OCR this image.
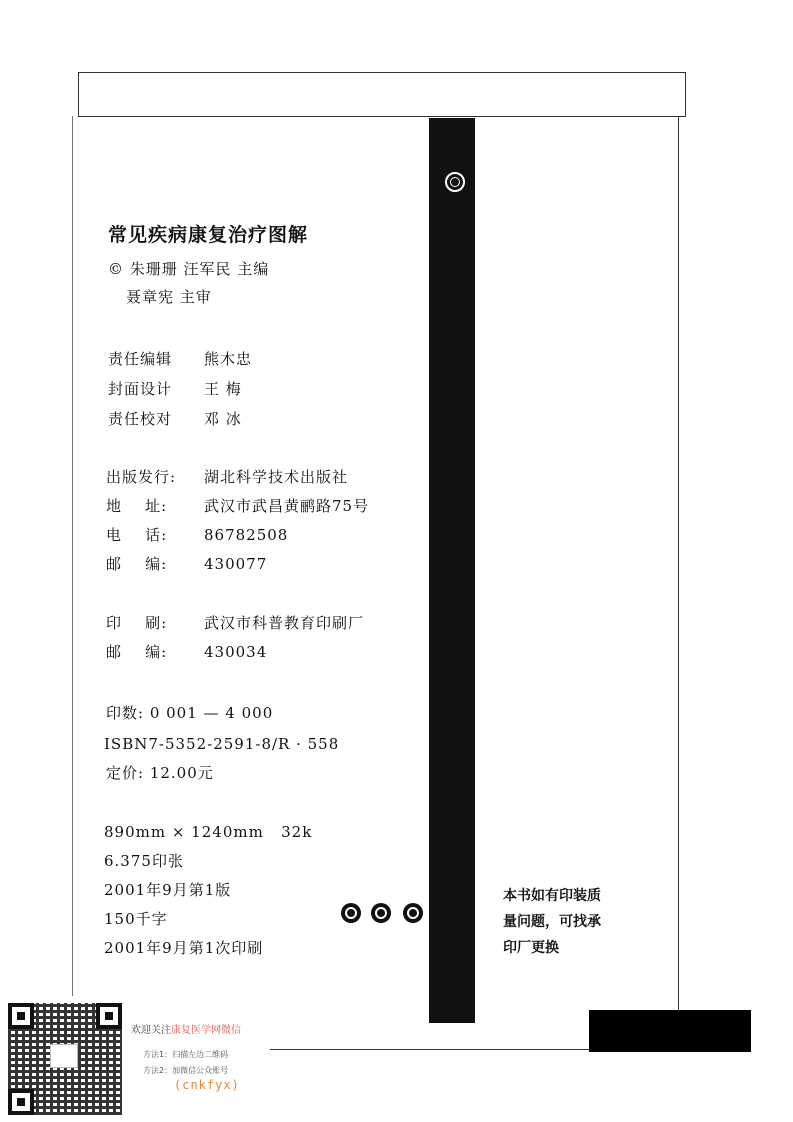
常见疾病康复治疗图解
© 朱珊珊 汪军民 主编
聂章宪 主审
责任编辑 熊木忠
封面设计 王 梅
责任校对 邓 冰
出版发行: 湖北科学技术出版社
地    址: 武汉市武昌黄鹂路75号
电    话: 86782508
邮    编: 430077
印    刷: 武汉市科普教育印刷厂
邮    编: 430034
印数: 0 001 — 4 000
ISBN7-5352-2591-8/R · 558
定价: 12.00元
890mm × 1240mm   32k
6.375印张
2001年9月第1版
150千字
2001年9月第1次印刷
本书如有印装质
量问题，可找承
印厂更换
欢迎关注康复医学网微信
方法1：扫描左边二维码
方法2：加微信公众账号
(cnkfyx)
